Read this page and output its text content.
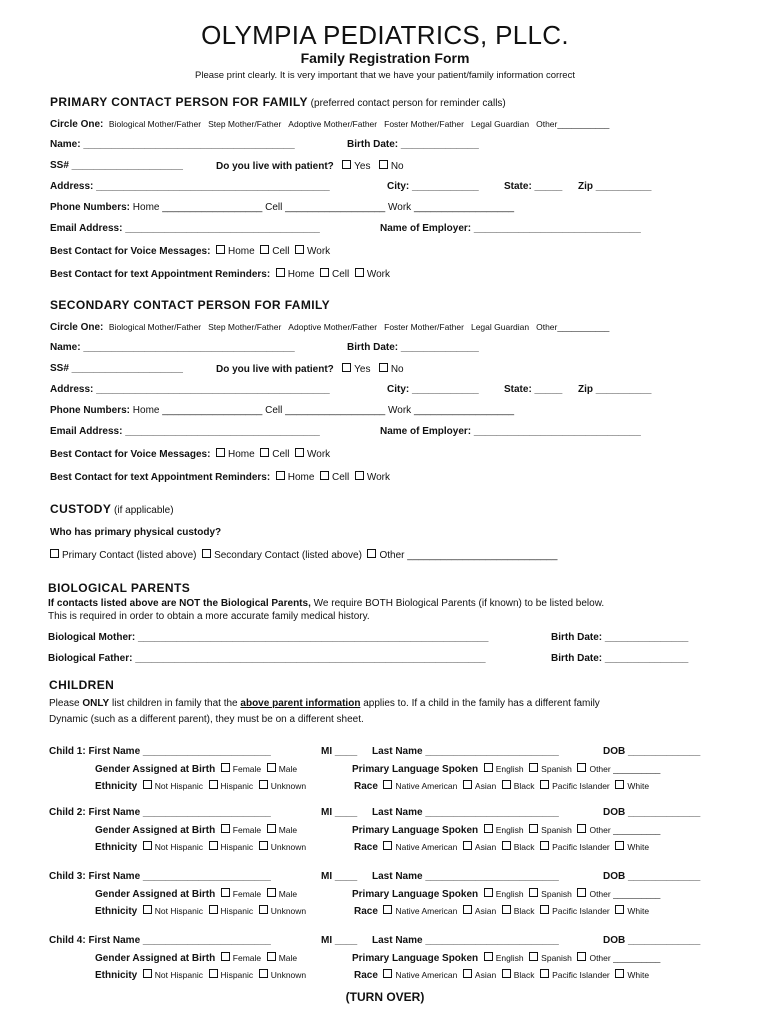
OLYMPIA PEDIATRICS, PLLC.
Family Registration Form
Please print clearly. It is very important that we have your patient/family information correct
PRIMARY CONTACT PERSON FOR FAMILY (preferred contact person for reminder calls)
Circle One: Biological Mother/Father Step Mother/Father Adoptive Mother/Father Foster Mother/Father Legal Guardian Other___________
Name: ______________________________________	Birth Date: ______________
SS# ____________________	Do you live with patient? Yes No
Address: __________________________________________	City: ____________	State: _____ Zip __________
Phone Numbers: Home __________________ Cell __________________ Work __________________
Email Address: ___________________________________	Name of Employer: ______________________________
Best Contact for Voice Messages: Home Cell Work
Best Contact for text Appointment Reminders: Home Cell Work
SECONDARY CONTACT PERSON FOR FAMILY
Circle One: Biological Mother/Father Step Mother/Father Adoptive Mother/Father Foster Mother/Father Legal Guardian Other___________
Name: ______________________________________	Birth Date: ______________
SS# ____________________	Do you live with patient? Yes No
Address: __________________________________________	City: ____________	State: _____ Zip __________
Phone Numbers: Home __________________ Cell __________________ Work __________________
Email Address: ___________________________________	Name of Employer: ______________________________
Best Contact for Voice Messages: Home Cell Work
Best Contact for text Appointment Reminders: Home Cell Work
CUSTODY (if applicable)
Who has primary physical custody?
Primary Contact (listed above) Secondary Contact (listed above) Other ___________________________
BIOLOGICAL PARENTS
If contacts listed above are NOT the Biological Parents, We require BOTH Biological Parents (if known) to be listed below.
This is required in order to obtain a more accurate family medical history.
Biological Mother: _______________________________________________________________	Birth Date: _______________
Biological Father: _______________________________________________________________	Birth Date: _______________
CHILDREN
Please ONLY list children in family that the above parent information applies to. If a child in the family has a different family
Dynamic (such as a different parent), they must be on a different sheet.
Child 1: First Name _______________________	MI ____ Last Name ________________________	DOB _____________
Gender Assigned at Birth Female Male	Primary Language Spoken English Spanish Other __________
Ethnicity Not Hispanic Hispanic Unknown	Race Native American Asian Black Pacific Islander White
Child 2: First Name _______________________	MI ____ Last Name ________________________	DOB _____________
Gender Assigned at Birth Female Male	Primary Language Spoken English Spanish Other __________
Ethnicity Not Hispanic Hispanic Unknown	Race Native American Asian Black Pacific Islander White
Child 3: First Name _______________________	MI ____ Last Name ________________________	DOB _____________
Gender Assigned at Birth Female Male	Primary Language Spoken English Spanish Other __________
Ethnicity Not Hispanic Hispanic Unknown	Race Native American Asian Black Pacific Islander White
Child 4: First Name _______________________	MI ____ Last Name ________________________	DOB _____________
Gender Assigned at Birth Female Male	Primary Language Spoken English Spanish Other __________
Ethnicity Not Hispanic Hispanic Unknown	Race Native American Asian Black Pacific Islander White
(TURN OVER)
